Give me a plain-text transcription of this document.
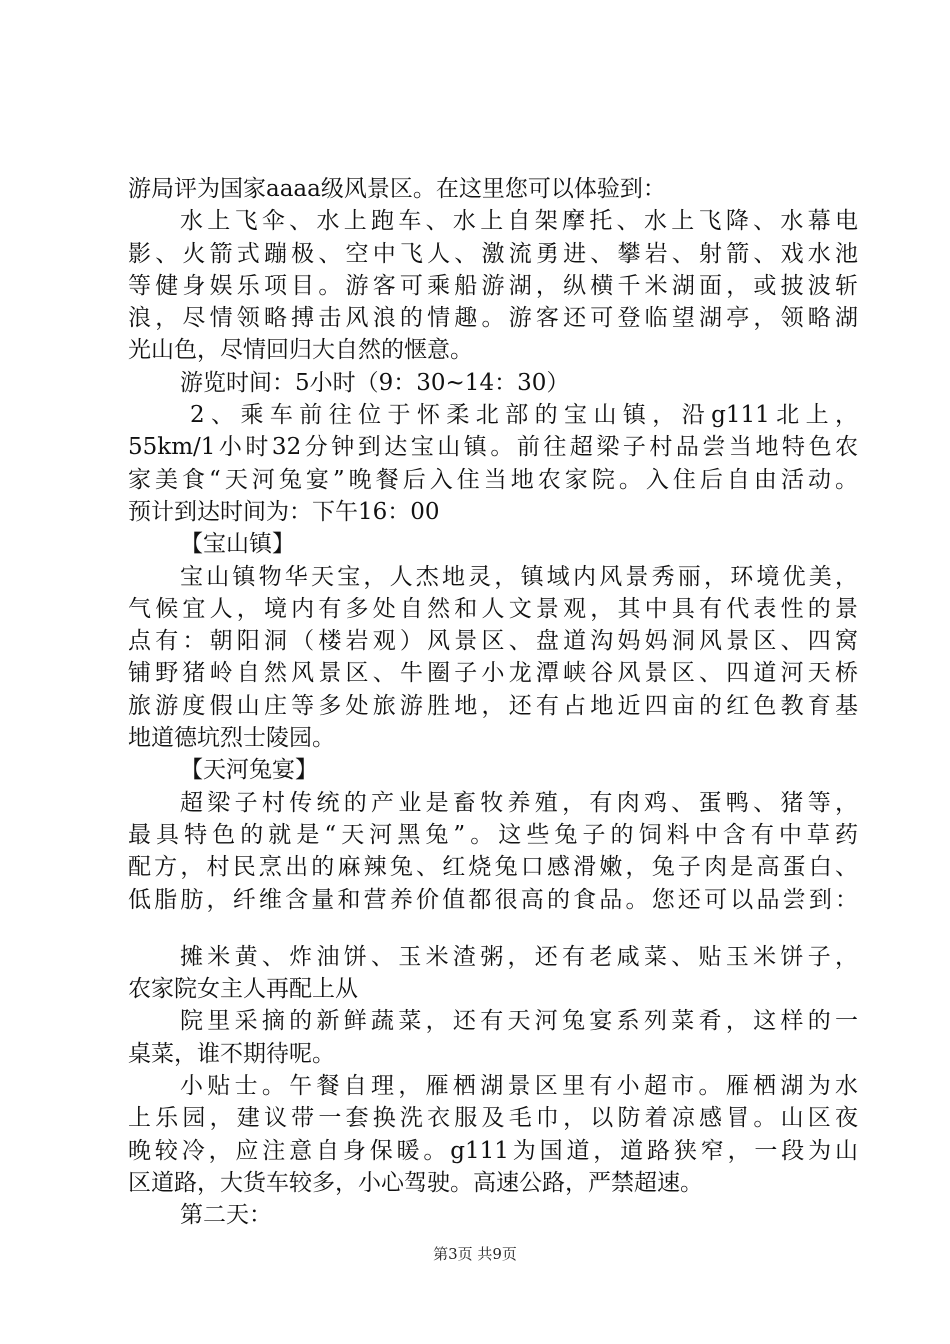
游局评为国家aaaa级风景区。在这里您可以体验到：
水上飞伞、水上跑车、水上自架摩托、水上飞降、水幕电
影、火箭式蹦极、空中飞人、激流勇进、攀岩、射箭、戏水池
等健身娱乐项目。游客可乘船游湖，纵横千米湖面，或披波斩
浪，尽情领略搏击风浪的情趣。游客还可登临望湖亭，领略湖
光山色，尽情回归大自然的惬意。
游览时间：5小时（9：30~14：30）
2、乘车前往位于怀柔北部的宝山镇，沿g111北上，
55km/1小时32分钟到达宝山镇。前往超梁子村品尝当地特色农
家美食“天河兔宴”晚餐后入住当地农家院。入住后自由活动。
预计到达时间为：下午16：00
【宝山镇】
宝山镇物华天宝，人杰地灵，镇域内风景秀丽，环境优美，
气候宜人，境内有多处自然和人文景观，其中具有代表性的景
点有：朝阳洞（楼岩观）风景区、盘道沟妈妈洞风景区、四窝
铺野猪岭自然风景区、牛圈子小龙潭峡谷风景区、四道河天桥
旅游度假山庄等多处旅游胜地，还有占地近四亩的红色教育基
地道德坑烈士陵园。
【天河兔宴】
超梁子村传统的产业是畜牧养殖，有肉鸡、蛋鸭、猪等，
最具特色的就是“天河黑兔”。这些兔子的饲料中含有中草药
配方，村民烹出的麻辣兔、红烧兔口感滑嫩，兔子肉是高蛋白、
低脂肪，纤维含量和营养价值都很高的食品。您还可以品尝到：
摊米黄、炸油饼、玉米渣粥，还有老咸菜、贴玉米饼子，
农家院女主人再配上从
院里采摘的新鲜蔬菜，还有天河兔宴系列菜肴，这样的一
桌菜，谁不期待呢。
小贴士。午餐自理，雁栖湖景区里有小超市。雁栖湖为水
上乐园，建议带一套换洗衣服及毛巾，以防着凉感冒。山区夜
晚较冷，应注意自身保暖。g111为国道，道路狭窄，一段为山
区道路，大货车较多，小心驾驶。高速公路，严禁超速。
第二天：
第3页 共9页
